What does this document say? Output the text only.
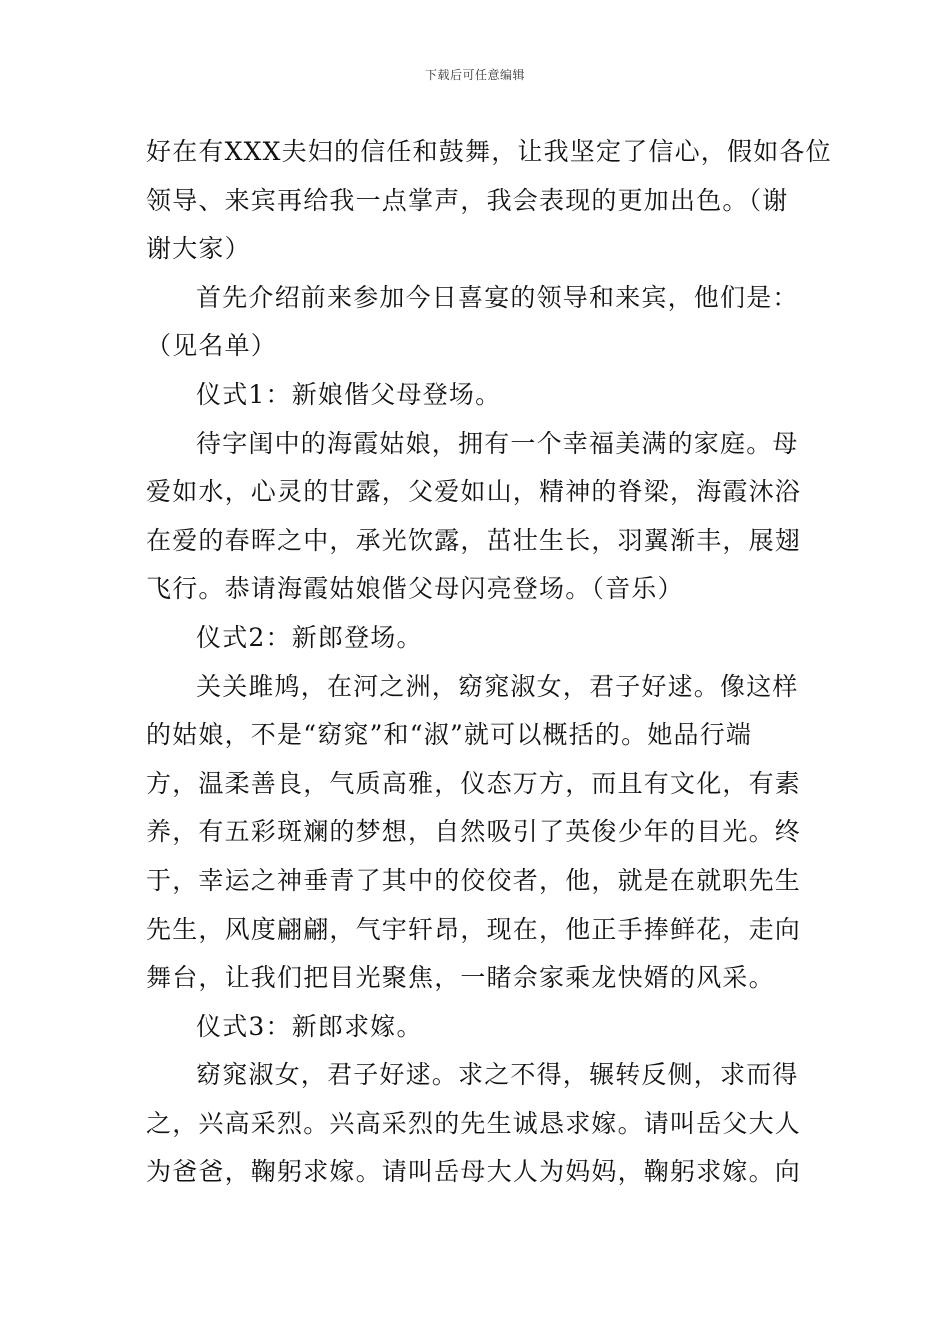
下载后可任意编辑
好在有XXX夫妇的信任和鼓舞，让我坚定了信心，假如各位
领导、来宾再给我一点掌声，我会表现的更加出色。（谢
谢大家）
首先介绍前来参加今日喜宴的领导和来宾，他们是：
（见名单）
仪式1：新娘偕父母登场。
待字闺中的海霞姑娘，拥有一个幸福美满的家庭。母
爱如水，心灵的甘露，父爱如山，精神的脊梁，海霞沐浴
在爱的春晖之中，承光饮露，茁壮生长，羽翼渐丰，展翅
飞行。恭请海霞姑娘偕父母闪亮登场。（音乐）
仪式2：新郎登场。
关关雎鸠，在河之洲，窈窕淑女，君子好逑。像这样
的姑娘，不是“窈窕”和“淑”就可以概括的。她品行端
方，温柔善良，气质高雅，仪态万方，而且有文化，有素
养，有五彩斑斓的梦想，自然吸引了英俊少年的目光。终
于，幸运之神垂青了其中的佼佼者，他，就是在就职先生
先生，风度翩翩，气宇轩昂，现在，他正手捧鲜花，走向
舞台，让我们把目光聚焦，一睹佘家乘龙快婿的风采。
仪式3：新郎求嫁。
窈窕淑女，君子好逑。求之不得，辗转反侧，求而得
之，兴高采烈。兴高采烈的先生诚恳求嫁。请叫岳父大人
为爸爸，鞠躬求嫁。请叫岳母大人为妈妈，鞠躬求嫁。向
